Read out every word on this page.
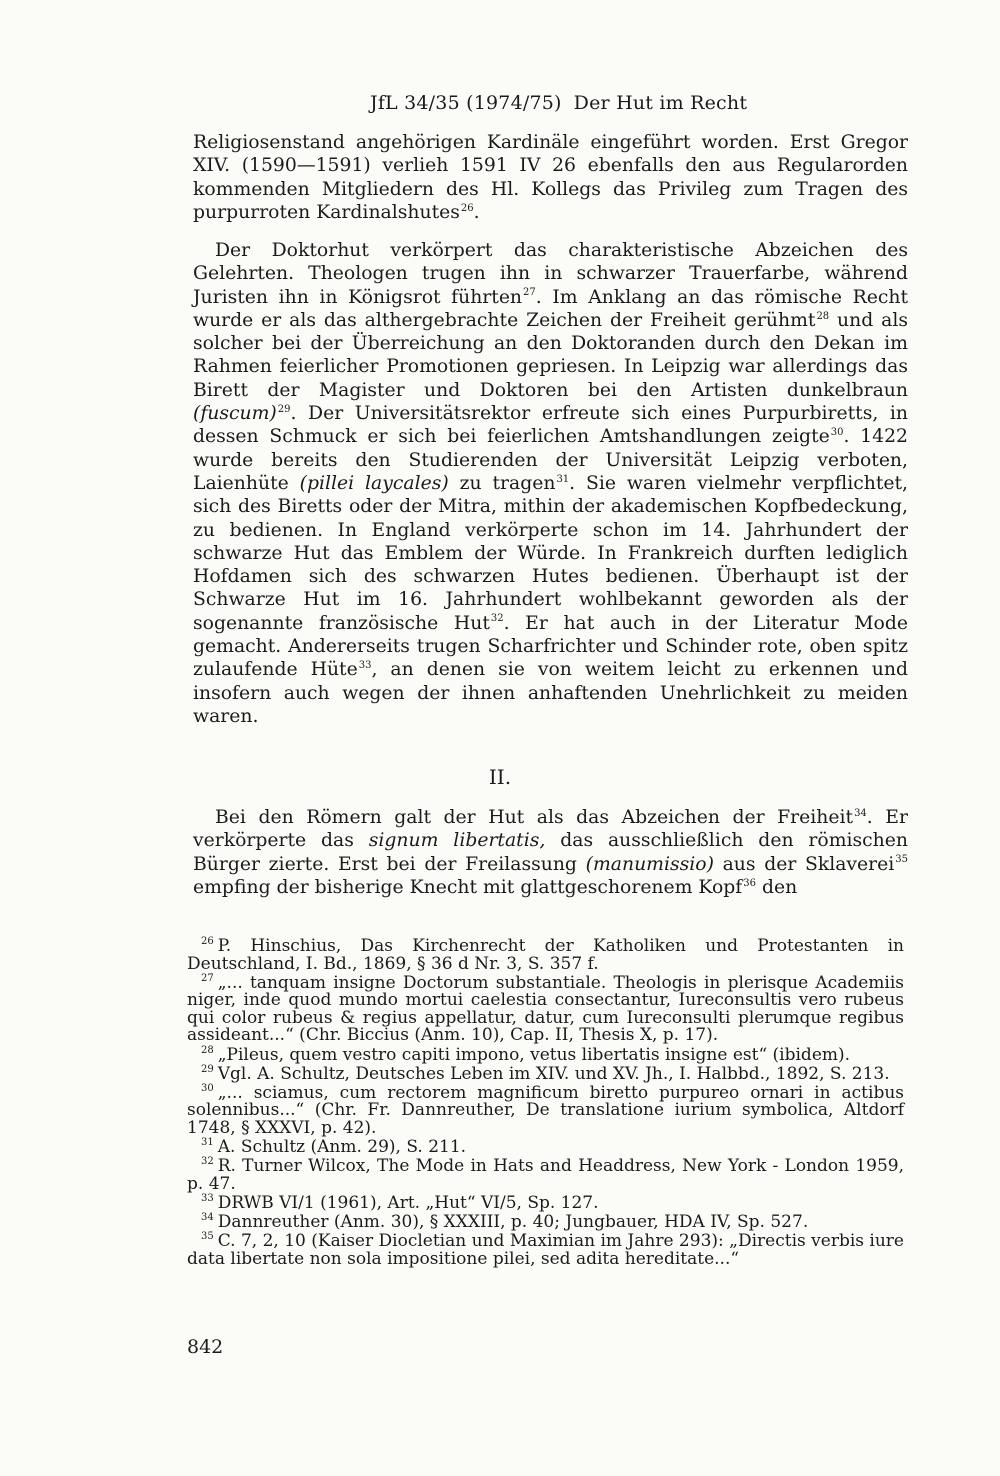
JfL 34/35 (1974/75) Der Hut im Recht

Religiosenstand angehörigen Kardinäle eingeführt worden. Erst Gregor XIV. (1590—1591) verlieh 1591 IV 26 ebenfalls den aus Regularorden kommenden Mitgliedern des Hl. Kollegs das Privileg zum Tragen des purpurroten Kardinalshutes$^{26}$.

Der Doktorhut verkörpert das charakteristische Abzeichen des Gelehrten. Theologen trugen ihn in schwarzer Trauerfarbe, während Juristen ihn in Königsrot führten$^{27}$. Im Anklang an das römische Recht wurde er als das althergebrachte Zeichen der Freiheit gerühmt$^{28}$ und als solcher bei der Überreichung an den Doktoranden durch den Dekan im Rahmen feierlicher Promotionen gepriesen. In Leipzig war allerdings das Birett der Magister und Doktoren bei den Artisten dunkelbraun (fuscum)$^{29}$. Der Universitätsrektor erfreute sich eines Purpurbiretts, in dessen Schmuck er sich bei feierlichen Amtshandlungen zeigte$^{30}$. 1422 wurde bereits den Studierenden der Universität Leipzig verboten, Laienhüte (pillei laycales) zu tragen$^{31}$. Sie waren vielmehr verpflichtet, sich des Biretts oder der Mitra, mithin der akademischen Kopfbedeckung, zu bedienen. In England verkörperte schon im 14. Jahrhundert der schwarze Hut das Emblem der Würde. In Frankreich durften lediglich Hofdamen sich des schwarzen Hutes bedienen. Überhaupt ist der Schwarze Hut im 16. Jahrhundert wohlbekannt geworden als der sogenannte französische Hut$^{32}$. Er hat auch in der Literatur Mode gemacht. Andererseits trugen Scharfrichter und Schinder rote, oben spitz zulaufende Hüte$^{33}$, an denen sie von weitem leicht zu erkennen und insofern auch wegen der ihnen anhaftenden Unehrlichkeit zu meiden waren.

II.

Bei den Römern galt der Hut als das Abzeichen der Freiheit$^{34}$. Er verkörperte das signum libertatis, das ausschließlich den römischen Bürger zierte. Erst bei der Freilassung (manumissio) aus der Sklaverei$^{35}$ empfing der bisherige Knecht mit glattgeschorenem Kopf$^{36}$ den

$^{26}$ P. Hinschius, Das Kirchenrecht der Katholiken und Protestanten in Deutschland, I. Bd., 1869, § 36 d Nr. 3, S. 357 f.

$^{27}$ „... tanquam insigne Doctorum substantiale. Theologis in plerisque Academiis niger, inde quod mundo mortui caelestia consectantur, Iureconsultis vero rubeus qui color rubeus & regius appellatur, datur, cum Iureconsulti plerumque regibus assideant...“ (Chr. Biccius (Anm. 10), Cap. II, Thesis X, p. 17).

$^{28}$ „Pileus, quem vestro capiti impono, vetus libertatis insigne est“ (ibidem).

$^{29}$ Vgl. A. Schultz, Deutsches Leben im XIV. und XV. Jh., I. Halbbd., 1892, S. 213.

$^{30}$ „... sciamus, cum rectorem magnificum biretto purpureo ornari in actibus solennibus...“ (Chr. Fr. Dannreuther, De translatione iurium symbolica, Altdorf 1748, § XXXVI, p. 42).

$^{31}$ A. Schultz (Anm. 29), S. 211.

$^{32}$ R. Turner Wilcox, The Mode in Hats and Headdress, New York - London 1959, p. 47.

$^{33}$ DRWB VI/1 (1961), Art. „Hut“ VI/5, Sp. 127.

$^{34}$ Dannreuther (Anm. 30), § XXXIII, p. 40; Jungbauer, HDA IV, Sp. 527.

$^{35}$ C. 7, 2, 10 (Kaiser Diocletian und Maximian im Jahre 293): „Directis verbis iure data libertate non sola impositione pilei, sed adita hereditate...“

842
